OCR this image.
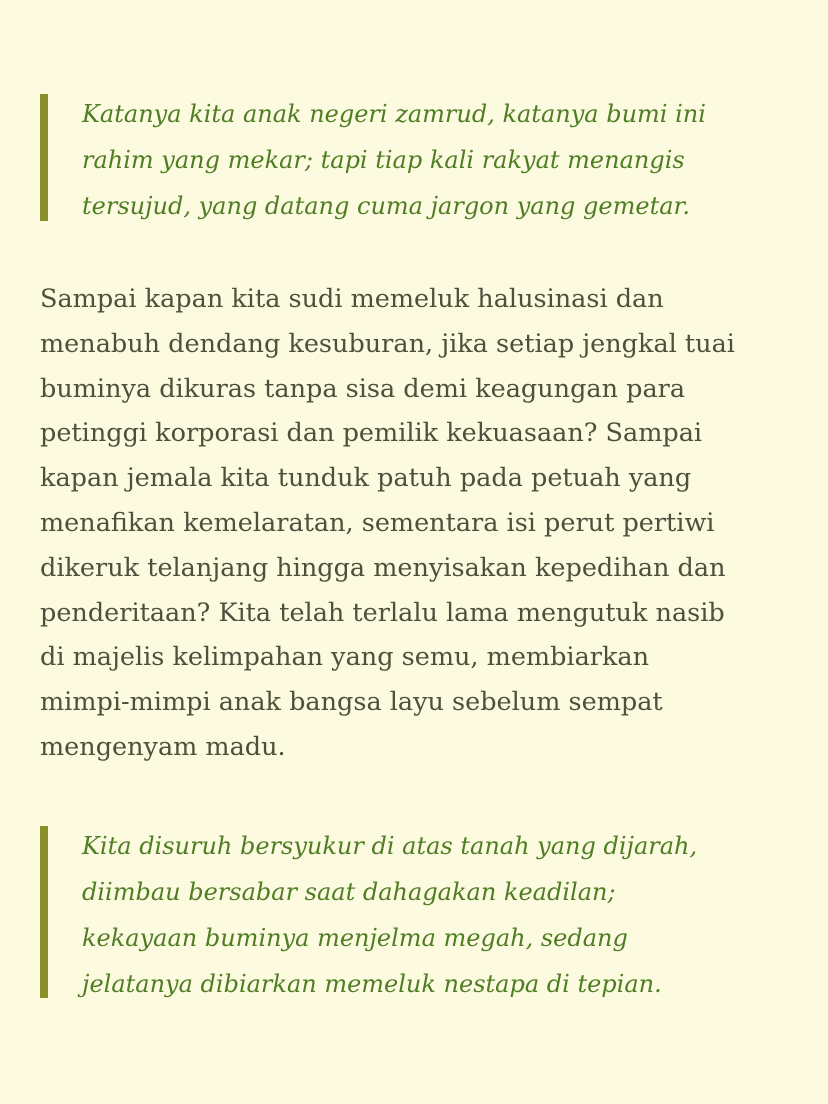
Katanya kita anak negeri zamrud, katanya bumi ini
rahim yang mekar; tapi tiap kali rakyat menangis
tersujud, yang datang cuma jargon yang gemetar.
Sampai kapan kita sudi memeluk halusinasi dan
menabuh dendang kesuburan, jika setiap jengkal tuai
buminya dikuras tanpa sisa demi keagungan para
petinggi korporasi dan pemilik kekuasaan? Sampai
kapan jemala kita tunduk patuh pada petuah yang
menafikan kemelaratan, sementara isi perut pertiwi
dikeruk telanjang hingga menyisakan kepedihan dan
penderitaan? Kita telah terlalu lama mengutuk nasib
di majelis kelimpahan yang semu, membiarkan
mimpi-mimpi anak bangsa layu sebelum sempat
mengenyam madu.
Kita disuruh bersyukur di atas tanah yang dijarah,
diimbau bersabar saat dahagakan keadilan;
kekayaan buminya menjelma megah, sedang
jelatanya dibiarkan memeluk nestapa di tepian.
